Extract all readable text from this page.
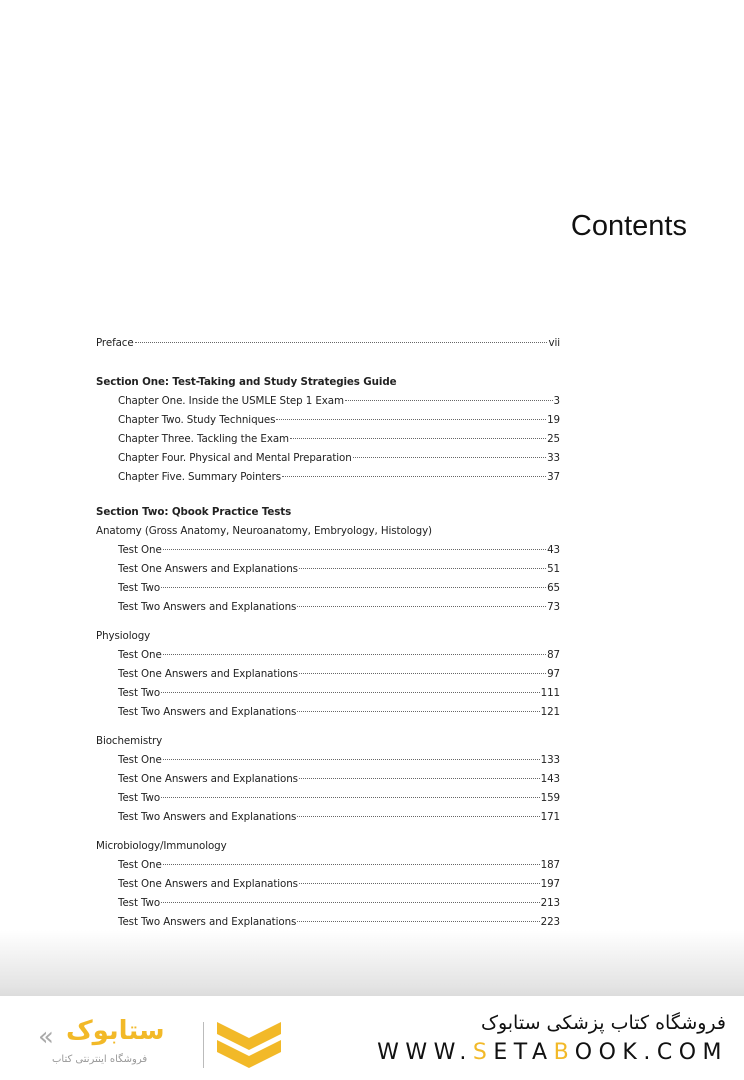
Contents
Preface	vii
Section One: Test-Taking and Study Strategies Guide
Chapter One. Inside the USMLE Step 1 Exam	3
Chapter Two. Study Techniques	19
Chapter Three. Tackling the Exam	25
Chapter Four. Physical and Mental Preparation	33
Chapter Five. Summary Pointers	37
Section Two: Qbook Practice Tests
Anatomy (Gross Anatomy, Neuroanatomy, Embryology, Histology)
Test One	43
Test One Answers and Explanations	51
Test Two	65
Test Two Answers and Explanations	73
Physiology
Test One	87
Test One Answers and Explanations	97
Test Two	111
Test Two Answers and Explanations	121
Biochemistry
Test One	133
Test One Answers and Explanations	143
Test Two	159
Test Two Answers and Explanations	171
Microbiology/Immunology
Test One	187
Test One Answers and Explanations	197
Test Two	213
Test Two Answers and Explanations	223
« ستابوک
فروشگاه اینترنتی کتاب
فروشگاه کتاب پزشکی ستابوک
WWW.SETABOOK.COM
